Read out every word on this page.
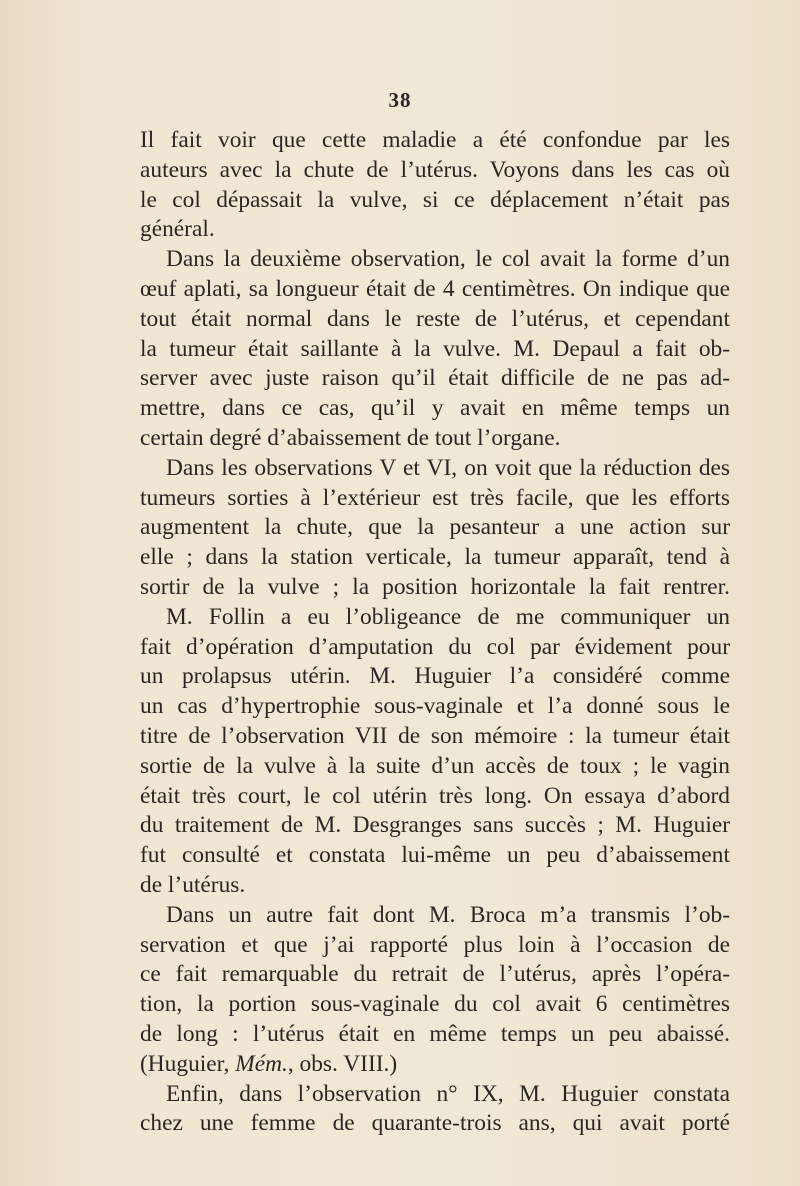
38
Il fait voir que cette maladie a été confondue par les
auteurs avec la chute de l’utérus. Voyons dans les cas où
le col dépassait la vulve, si ce déplacement n’était pas
général.
Dans la deuxième observation, le col avait la forme d’un
œuf aplati, sa longueur était de 4 centimètres. On indique que
tout était normal dans le reste de l’utérus, et cependant
la tumeur était saillante à la vulve. M. Depaul a fait ob-
server avec juste raison qu’il était difficile de ne pas ad-
mettre, dans ce cas, qu’il y avait en même temps un
certain degré d’abaissement de tout l’organe.
Dans les observations V et VI, on voit que la réduction des
tumeurs sorties à l’extérieur est très facile, que les efforts
augmentent la chute, que la pesanteur a une action sur
elle ; dans la station verticale, la tumeur apparaît, tend à
sortir de la vulve ; la position horizontale la fait rentrer.
M. Follin a eu l’obligeance de me communiquer un
fait d’opération d’amputation du col par évidement pour
un prolapsus utérin. M. Huguier l’a considéré comme
un cas d’hypertrophie sous-vaginale et l’a donné sous le
titre de l’observation VII de son mémoire : la tumeur était
sortie de la vulve à la suite d’un accès de toux ; le vagin
était très court, le col utérin très long. On essaya d’abord
du traitement de M. Desgranges sans succès ; M. Huguier
fut consulté et constata lui-même un peu d’abaissement
de l’utérus.
Dans un autre fait dont M. Broca m’a transmis l’ob-
servation et que j’ai rapporté plus loin à l’occasion de
ce fait remarquable du retrait de l’utérus, après l’opéra-
tion, la portion sous-vaginale du col avait 6 centimètres
de long : l’utérus était en même temps un peu abaissé.
(Huguier, Mém., obs. VIII.)
Enfin, dans l’observation n° IX, M. Huguier constata
chez une femme de quarante-trois ans, qui avait porté
